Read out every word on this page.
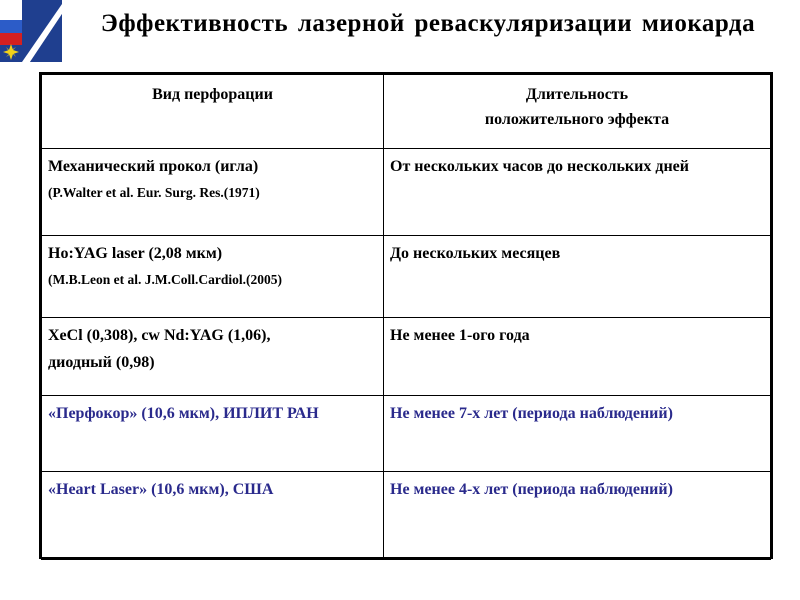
Эффективность лазерной реваскуляризации миокарда
Вид перфорации	Длительность
положительного эффекта

Механический прокол (игла)
(P.Walter et al. Eur. Surg. Res.(1971)	От нескольких часов до нескольких дней

Ho:YAG laser (2,08 мкм)
(M.B.Leon et al. J.M.Coll.Cardiol.(2005)	До нескольких месяцев

XeCl (0,308), cw Nd:YAG (1,06),
диодный (0,98)	Не менее 1-ого года

«Перфокор» (10,6 мкм), ИПЛИТ РАН	Не менее 7-х лет (периода наблюдений)

«Heart Laser» (10,6 мкм), США	Не менее 4-х лет (периода наблюдений)
